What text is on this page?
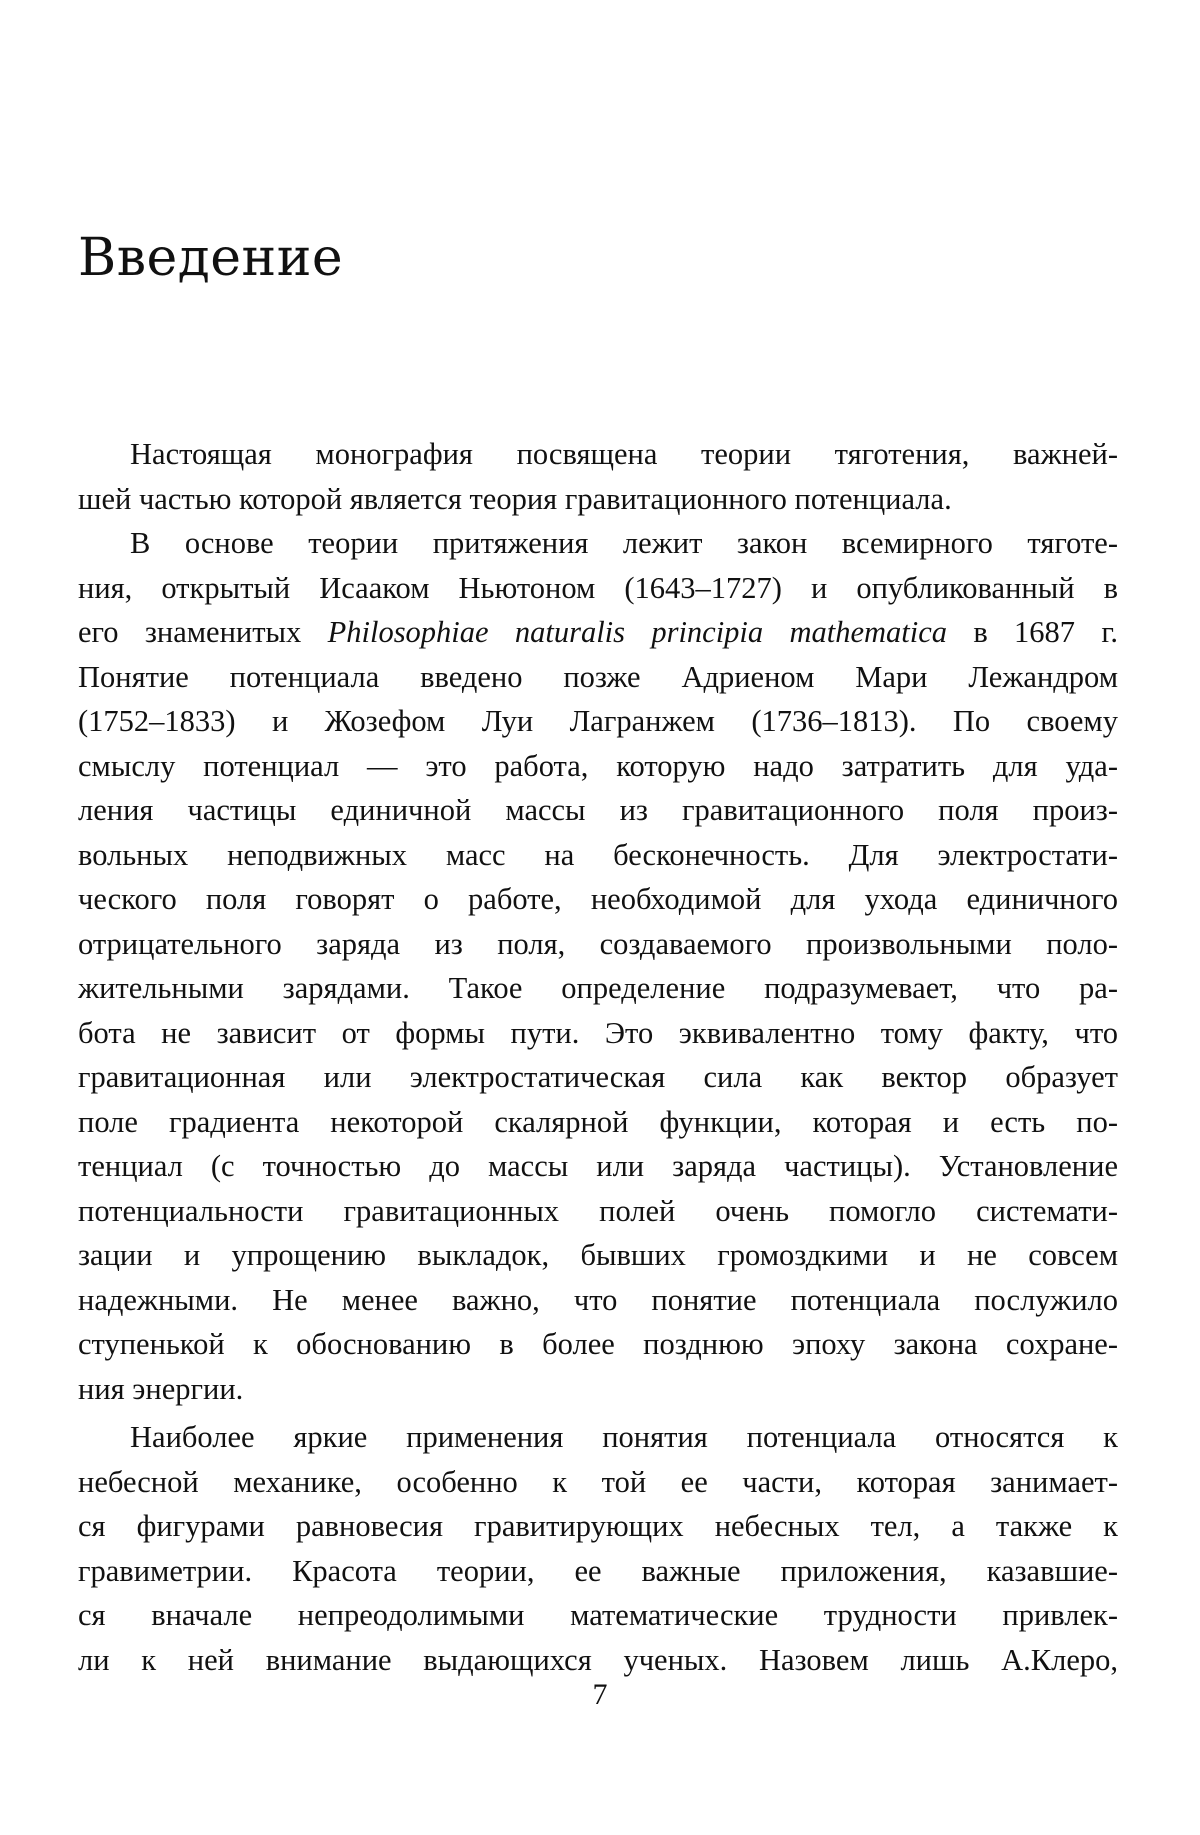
Введение
Настоящая монография посвящена теории тяготения, важней-
шей частью которой является теория гравитационного потенциала.
В основе теории притяжения лежит закон всемирного тяготе-
ния, открытый Исааком Ньютоном (1643–1727) и опубликованный в
его знаменитых Philosophiae naturalis principia mathematica в 1687 г.
Понятие потенциала введено позже Адриеном Мари Лежандром
(1752–1833) и Жозефом Луи Лагранжем (1736–1813). По своему
смыслу потенциал — это работа, которую надо затратить для уда-
ления частицы единичной массы из гравитационного поля произ-
вольных неподвижных масс на бесконечность. Для электростати-
ческого поля говорят о работе, необходимой для ухода единичного
отрицательного заряда из поля, создаваемого произвольными поло-
жительными зарядами. Такое определение подразумевает, что ра-
бота не зависит от формы пути. Это эквивалентно тому факту, что
гравитационная или электростатическая сила как вектор образует
поле градиента некоторой скалярной функции, которая и есть по-
тенциал (с точностью до массы или заряда частицы). Установление
потенциальности гравитационных полей очень помогло системати-
зации и упрощению выкладок, бывших громоздкими и не совсем
надежными. Не менее важно, что понятие потенциала послужило
ступенькой к обоснованию в более позднюю эпоху закона сохране-
ния энергии.
Наиболее яркие применения понятия потенциала относятся к
небесной механике, особенно к той ее части, которая занимает-
ся фигурами равновесия гравитирующих небесных тел, а также к
гравиметрии. Красота теории, ее важные приложения, казавшие-
ся вначале непреодолимыми математические трудности привлек-
ли к ней внимание выдающихся ученых. Назовем лишь А.Клеро,
7
